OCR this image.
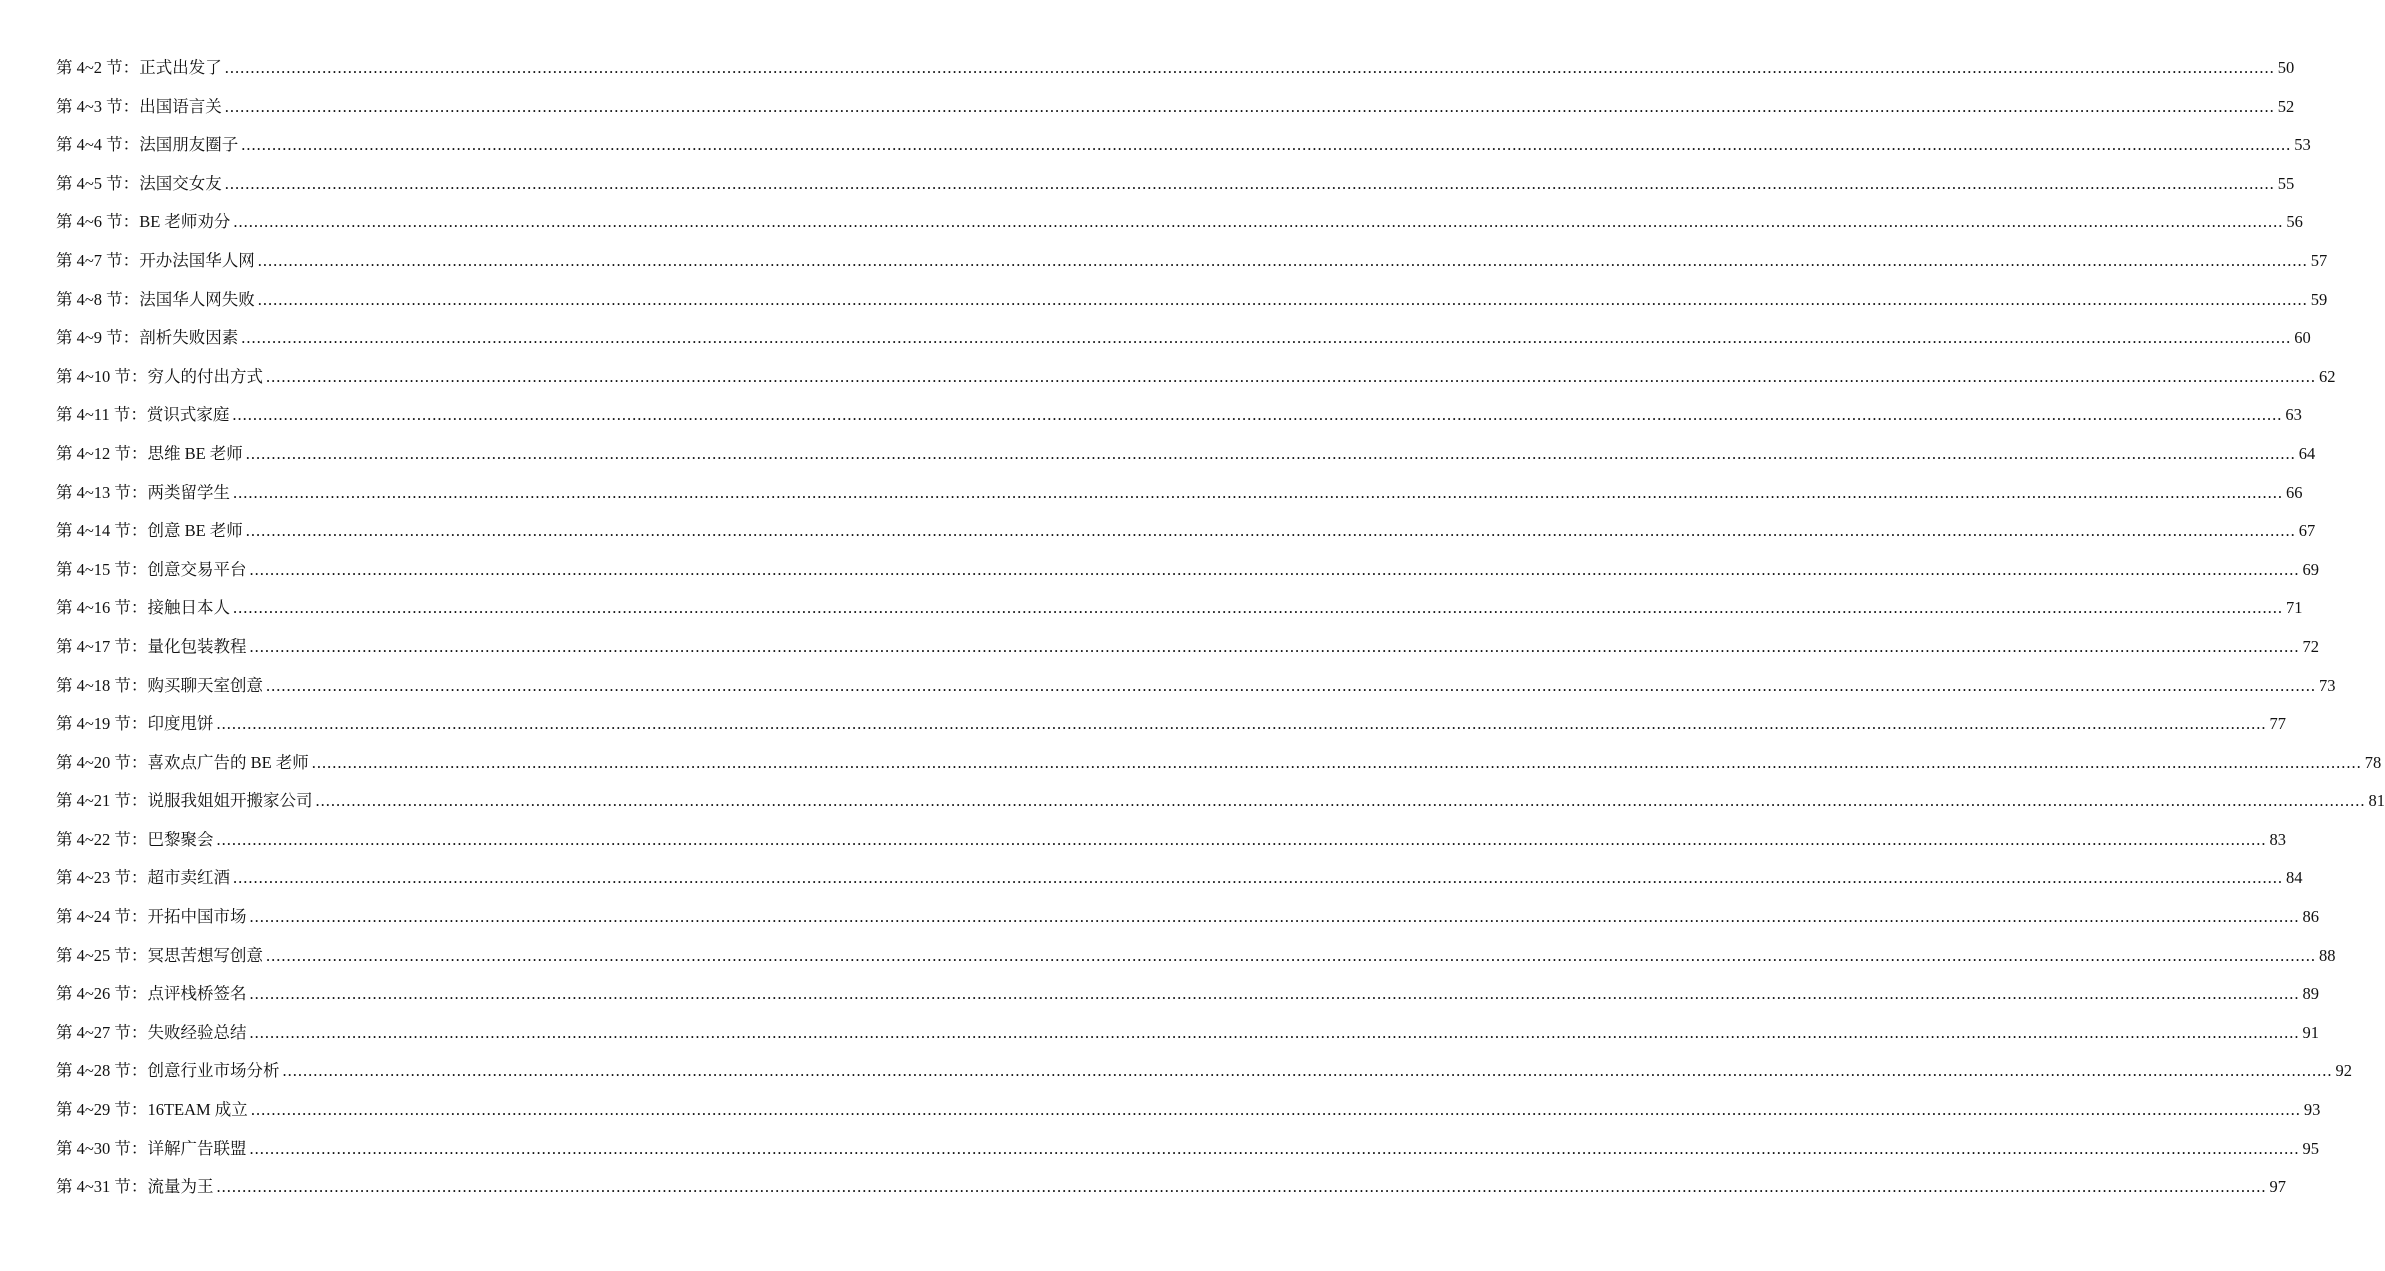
第 4~2 节：正式出发了 ................................................................................................................................................................................................................................................................................................................................................................................................................ 50
第 4~3 节：出国语言关 ................................................................................................................................................................................................................................................................................................................................................................................................................ 52
第 4~4 节：法国朋友圈子 ................................................................................................................................................................................................................................................................................................................................................................................................................ 53
第 4~5 节：法国交女友 ................................................................................................................................................................................................................................................................................................................................................................................................................ 55
第 4~6 节：BE 老师劝分 ................................................................................................................................................................................................................................................................................................................................................................................................................ 56
第 4~7 节：开办法国华人网 ................................................................................................................................................................................................................................................................................................................................................................................................................ 57
第 4~8 节：法国华人网失败 ................................................................................................................................................................................................................................................................................................................................................................................................................ 59
第 4~9 节：剖析失败因素 ................................................................................................................................................................................................................................................................................................................................................................................................................ 60
第 4~10 节：穷人的付出方式 ................................................................................................................................................................................................................................................................................................................................................................................................................ 62
第 4~11 节：赏识式家庭 ................................................................................................................................................................................................................................................................................................................................................................................................................ 63
第 4~12 节：思维 BE 老师 ................................................................................................................................................................................................................................................................................................................................................................................................................ 64
第 4~13 节：两类留学生 ................................................................................................................................................................................................................................................................................................................................................................................................................ 66
第 4~14 节：创意 BE 老师 ................................................................................................................................................................................................................................................................................................................................................................................................................ 67
第 4~15 节：创意交易平台 ................................................................................................................................................................................................................................................................................................................................................................................................................ 69
第 4~16 节：接触日本人 ................................................................................................................................................................................................................................................................................................................................................................................................................ 71
第 4~17 节：量化包装教程 ................................................................................................................................................................................................................................................................................................................................................................................................................ 72
第 4~18 节：购买聊天室创意 ................................................................................................................................................................................................................................................................................................................................................................................................................ 73
第 4~19 节：印度甩饼 ................................................................................................................................................................................................................................................................................................................................................................................................................ 77
第 4~20 节：喜欢点广告的 BE 老师 ................................................................................................................................................................................................................................................................................................................................................................................................................ 78
第 4~21 节：说服我姐姐开搬家公司 ................................................................................................................................................................................................................................................................................................................................................................................................................ 81
第 4~22 节：巴黎聚会 ................................................................................................................................................................................................................................................................................................................................................................................................................ 83
第 4~23 节：超市卖红酒 ................................................................................................................................................................................................................................................................................................................................................................................................................ 84
第 4~24 节：开拓中国市场 ................................................................................................................................................................................................................................................................................................................................................................................................................ 86
第 4~25 节：冥思苦想写创意 ................................................................................................................................................................................................................................................................................................................................................................................................................ 88
第 4~26 节：点评栈桥签名 ................................................................................................................................................................................................................................................................................................................................................................................................................ 89
第 4~27 节：失败经验总结 ................................................................................................................................................................................................................................................................................................................................................................................................................ 91
第 4~28 节：创意行业市场分析 ................................................................................................................................................................................................................................................................................................................................................................................................................ 92
第 4~29 节：16TEAM 成立 ................................................................................................................................................................................................................................................................................................................................................................................................................ 93
第 4~30 节：详解广告联盟 ................................................................................................................................................................................................................................................................................................................................................................................................................ 95
第 4~31 节：流量为王 ................................................................................................................................................................................................................................................................................................................................................................................................................ 97
